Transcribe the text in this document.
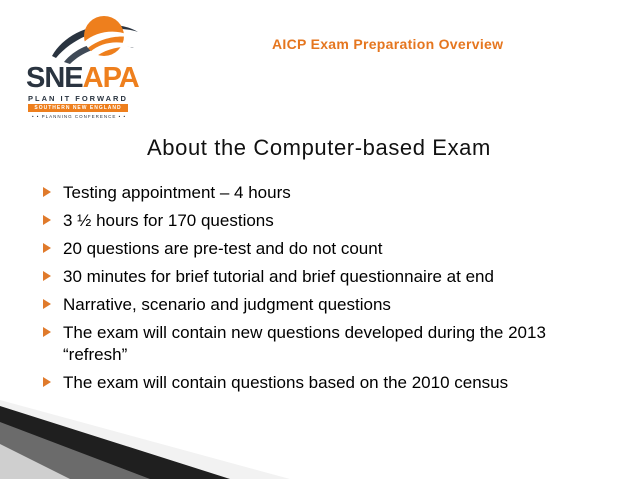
SNEAPA
PLAN IT FORWARD
SOUTHERN NEW ENGLAND
• • PLANNING CONFERENCE • •
AICP Exam Preparation Overview
About the Computer-based Exam
Testing appointment – 4 hours
3 ½ hours for 170 questions
20 questions are pre-test and do not count
30 minutes for brief tutorial and brief questionnaire at end
Narrative, scenario and judgment questions
The exam will contain new questions developed during the 2013 “refresh”
The exam will contain questions based on the 2010 census
